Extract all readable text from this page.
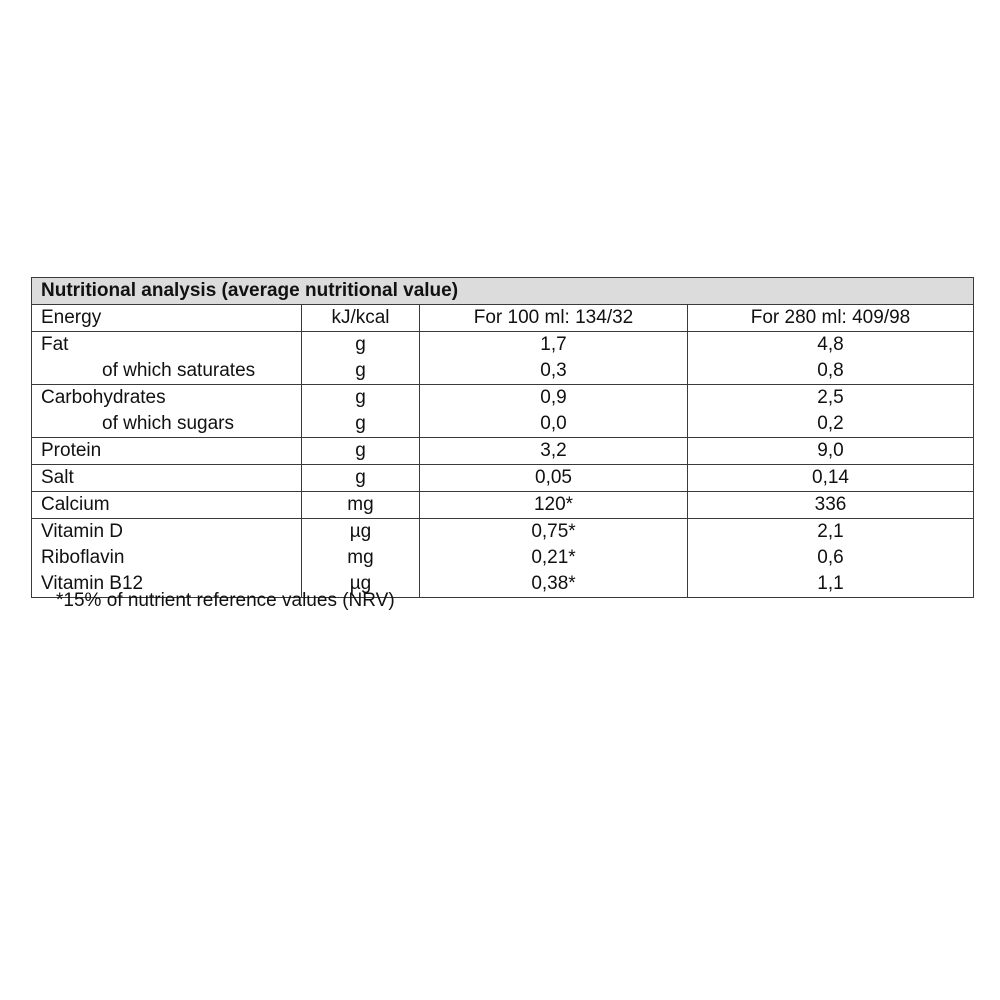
Nutritional analysis (average nutritional value)			
Energy	kJ/kcal	For 100 ml: 134/32	For 280 ml: 409/98
Fat	g	1,7	4,8
of which saturates	g	0,3	0,8
Carbohydrates	g	0,9	2,5
of which sugars	g	0,0	0,2
Protein	g	3,2	9,0
Salt	g	0,05	0,14
Calcium	mg	120*	336
Vitamin D	µg	0,75*	2,1
Riboflavin	mg	0,21*	0,6
Vitamin B12	µg	0,38*	1,1
*15% of nutrient reference values (NRV)
